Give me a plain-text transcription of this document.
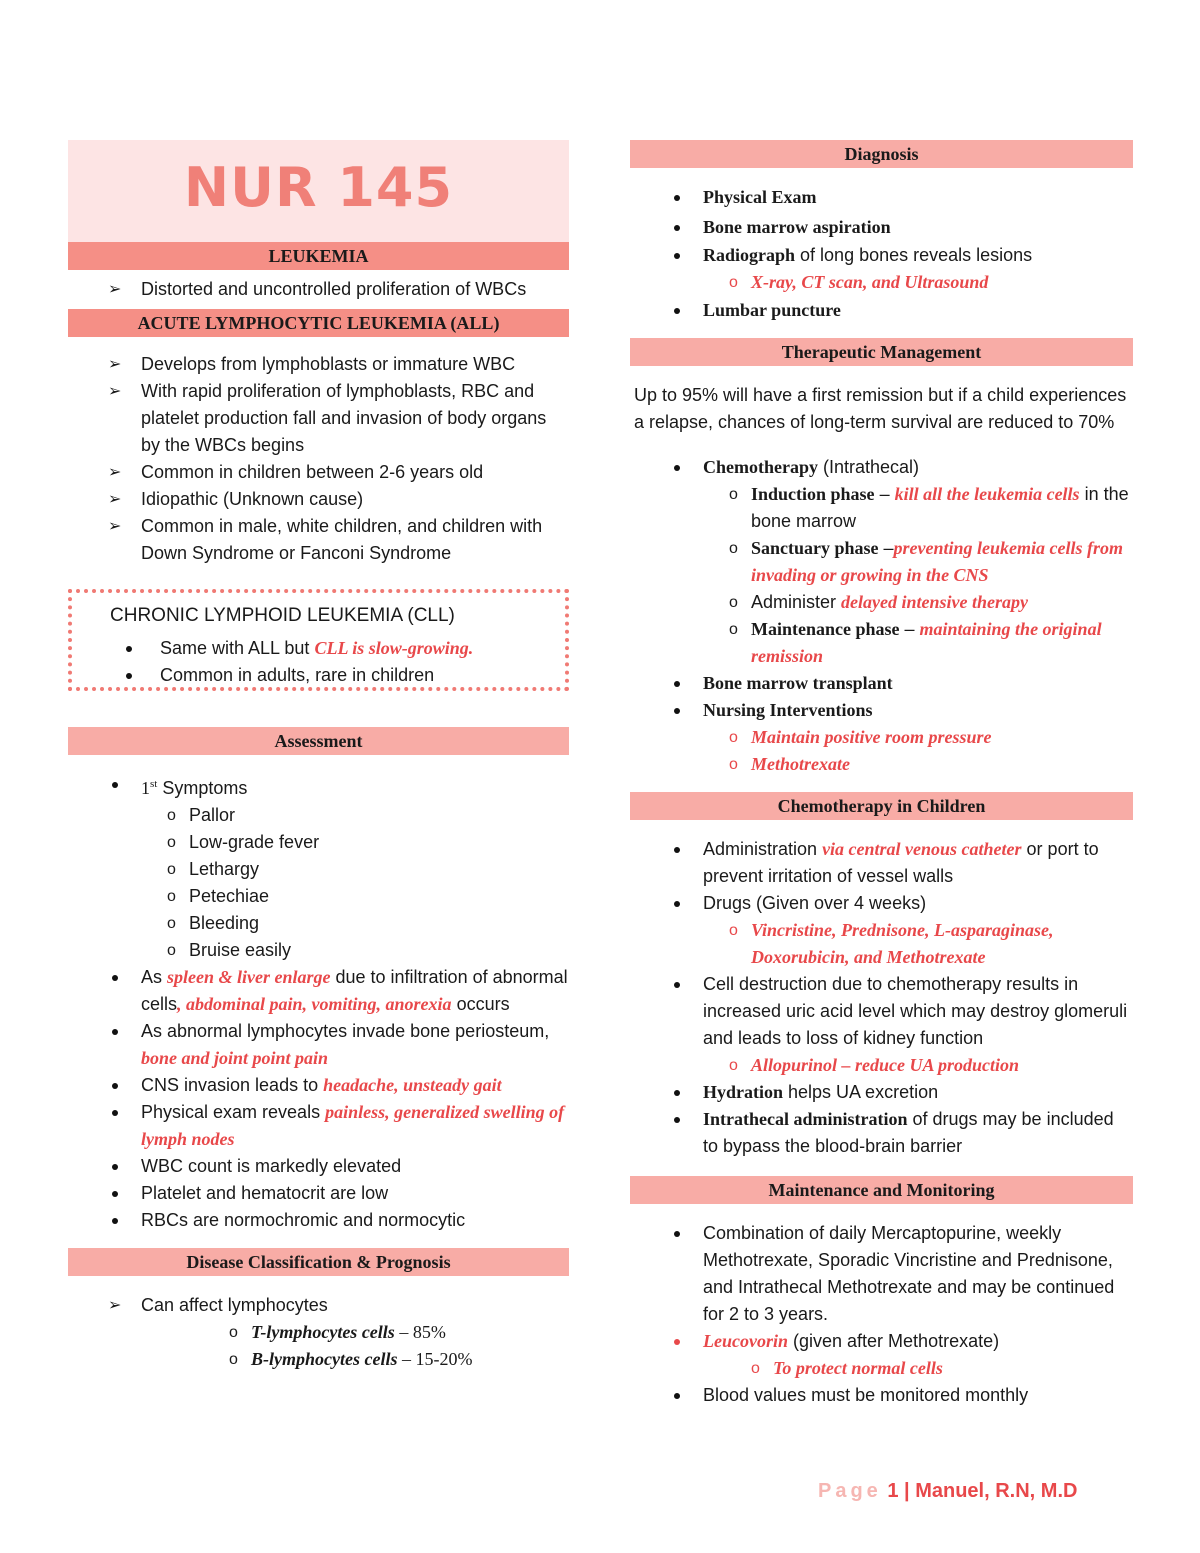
NUR 145
LEUKEMIA
➢ Distorted and uncontrolled proliferation of WBCs
ACUTE LYMPHOCYTIC LEUKEMIA (ALL)
➢ Develops from lymphoblasts or immature WBC
➢ With rapid proliferation of lymphoblasts, RBC and platelet production fall and invasion of body organs by the WBCs begins
➢ Common in children between 2-6 years old
➢ Idiopathic (Unknown cause)
➢ Common in male, white children, and children with Down Syndrome or Fanconi Syndrome
CHRONIC LYMPHOID LEUKEMIA (CLL)
Same with ALL but CLL is slow-growing.
Common in adults, rare in children
Assessment
1st Symptoms
o Pallor
o Low-grade fever
o Lethargy
o Petechiae
o Bleeding
o Bruise easily
As spleen & liver enlarge due to infiltration of abnormal cells, abdominal pain, vomiting, anorexia occurs
As abnormal lymphocytes invade bone periosteum, bone and joint point pain
CNS invasion leads to headache, unsteady gait
Physical exam reveals painless, generalized swelling of lymph nodes
WBC count is markedly elevated
Platelet and hematocrit are low
RBCs are normochromic and normocytic
Disease Classification & Prognosis
➢ Can affect lymphocytes
o T-lymphocytes cells – 85%
o B-lymphocytes cells – 15-20%
Diagnosis
Physical Exam
Bone marrow aspiration
Radiograph of long bones reveals lesions
o X-ray, CT scan, and Ultrasound
Lumbar puncture
Therapeutic Management
Up to 95% will have a first remission but if a child experiences a relapse, chances of long-term survival are reduced to 70%
Chemotherapy (Intrathecal)
o Induction phase – kill all the leukemia cells in the bone marrow
o Sanctuary phase –preventing leukemia cells from invading or growing in the CNS
o Administer delayed intensive therapy
o Maintenance phase – maintaining the original remission
Bone marrow transplant
Nursing Interventions
o Maintain positive room pressure
o Methotrexate
Chemotherapy in Children
Administration via central venous catheter or port to prevent irritation of vessel walls
Drugs (Given over 4 weeks)
o Vincristine, Prednisone, L-asparaginase, Doxorubicin, and Methotrexate
Cell destruction due to chemotherapy results in increased uric acid level which may destroy glomeruli and leads to loss of kidney function
o Allopurinol – reduce UA production
Hydration helps UA excretion
Intrathecal administration of drugs may be included to bypass the blood-brain barrier
Maintenance and Monitoring
Combination of daily Mercaptopurine, weekly Methotrexate, Sporadic Vincristine and Prednisone, and Intrathecal Methotrexate and may be continued for 2 to 3 years.
Leucovorin (given after Methotrexate)
o To protect normal cells
Blood values must be monitored monthly
Page 1 | Manuel, R.N, M.D
